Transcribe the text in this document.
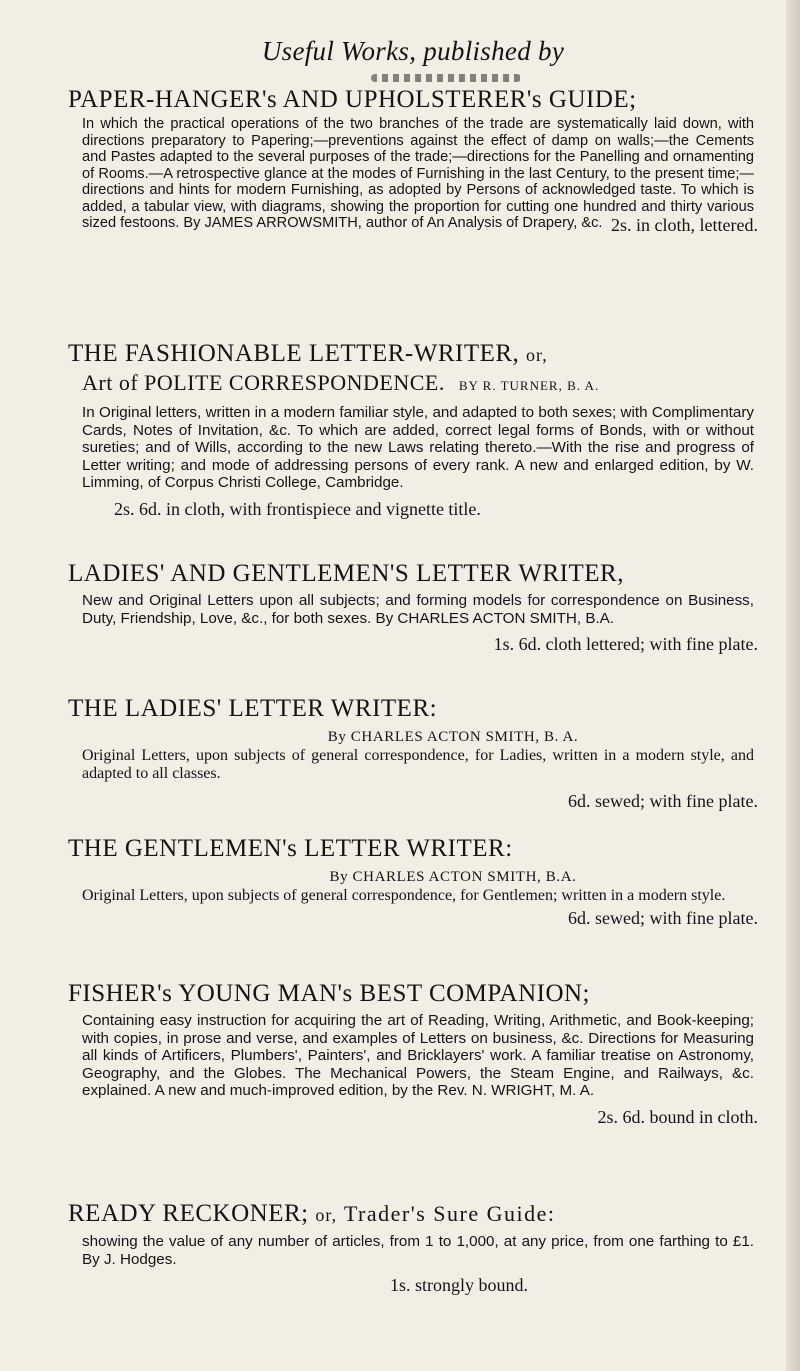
Useful Works, published by
PAPER-HANGER's AND UPHOLSTERER's GUIDE;
In which the practical operations of the two branches of the trade are systematically laid down, with directions preparatory to Papering;—preventions against the effect of damp on walls;—the Cements and Pastes adapted to the several purposes of the trade;—directions for the Panelling and ornamenting of Rooms.—A retrospective glance at the modes of Furnishing in the last Century, to the present time;—directions and hints for modern Furnishing, as adopted by Persons of acknowledged taste. To which is added, a tabular view, with diagrams, showing the proportion for cutting one hundred and thirty various sized festoons. By JAMES ARROWSMITH, author of An Analysis of Drapery, &c. 2s. in cloth, lettered.
THE FASHIONABLE LETTER-WRITER, or,
Art of POLITE CORRESPONDENCE. BY R. TURNER, B. A.
In Original letters, written in a modern familiar style, and adapted to both sexes; with Complimentary Cards, Notes of Invitation, &c. To which are added, correct legal forms of Bonds, with or without sureties; and of Wills, according to the new Laws relating thereto.—With the rise and progress of Letter writing; and mode of addressing persons of every rank. A new and enlarged edition, by W. Limming, of Corpus Christi College, Cambridge.
2s. 6d. in cloth, with frontispiece and vignette title.
LADIES' AND GENTLEMEN'S LETTER WRITER,
New and Original Letters upon all subjects; and forming models for correspondence on Business, Duty, Friendship, Love, &c., for both sexes. By CHARLES ACTON SMITH, B.A.
1s. 6d. cloth lettered; with fine plate.
THE LADIES' LETTER WRITER:
By CHARLES ACTON SMITH, B. A.
Original Letters, upon subjects of general correspondence, for Ladies, written in a modern style, and adapted to all classes.
6d. sewed; with fine plate.
THE GENTLEMEN's LETTER WRITER:
By CHARLES ACTON SMITH, B.A.
Original Letters, upon subjects of general correspondence, for Gentlemen; written in a modern style.
6d. sewed; with fine plate.
FISHER's YOUNG MAN's BEST COMPANION;
Containing easy instruction for acquiring the art of Reading, Writing, Arithmetic, and Book-keeping; with copies, in prose and verse, and examples of Letters on business, &c. Directions for Measuring all kinds of Artificers, Plumbers', Painters', and Bricklayers' work. A familiar treatise on Astronomy, Geography, and the Globes. The Mechanical Powers, the Steam Engine, and Railways, &c. explained. A new and much-improved edition, by the Rev. N. WRIGHT, M. A.
2s. 6d. bound in cloth.
READY RECKONER; or, Trader's Sure Guide:
showing the value of any number of articles, from 1 to 1,000, at any price, from one farthing to £1. By J. Hodges.
1s. strongly bound.
